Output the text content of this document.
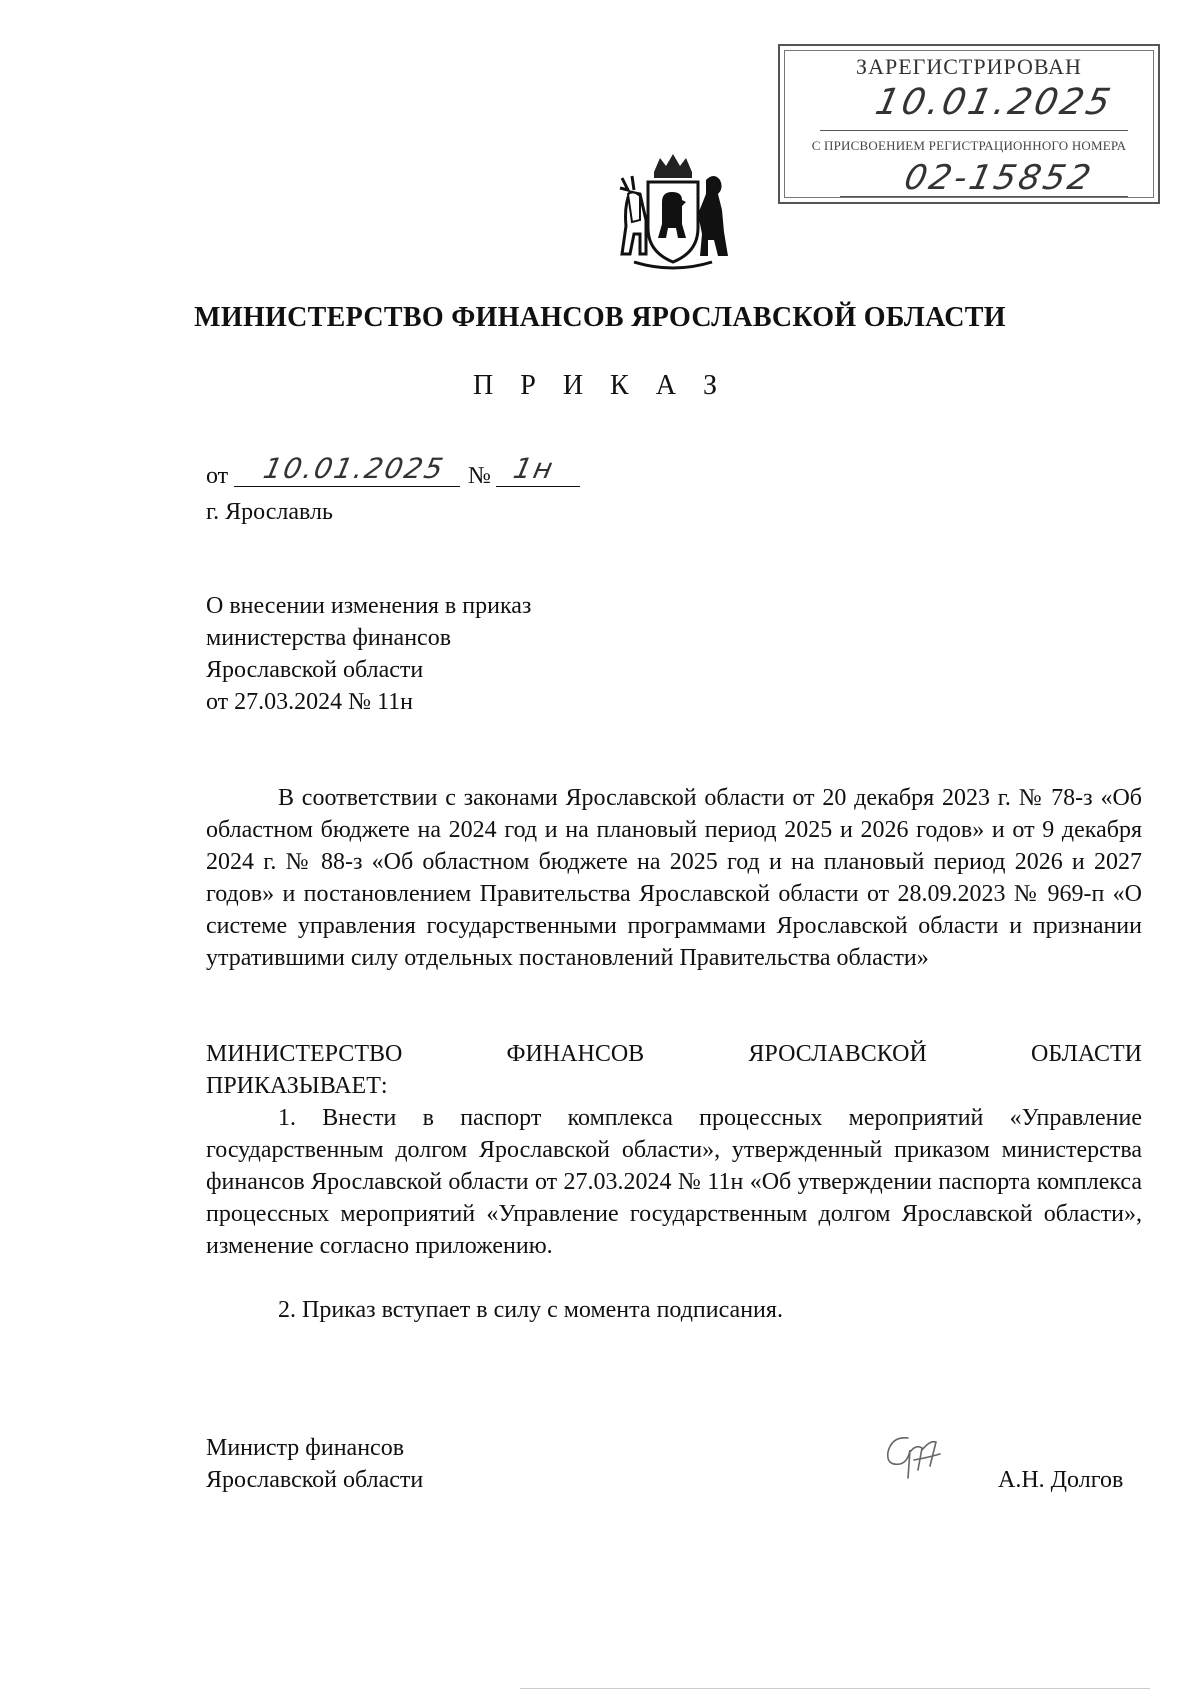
ЗАРЕГИСТРИРОВАН
10.01.2025
С ПРИСВОЕНИЕМ РЕГИСТРАЦИОННОГО НОМЕРА
02-15852
МИНИСТЕРСТВО ФИНАНСОВ ЯРОСЛАВСКОЙ ОБЛАСТИ
П Р И К А З
от 10.01.2025 № 1н
г. Ярославль
О внесении изменения в приказ
министерства финансов
Ярославской области
от 27.03.2024 № 11н
В соответствии с законами Ярославской области от 20 декабря 2023 г. № 78-з «Об областном бюджете на 2024 год и на плановый период 2025 и 2026 годов» и от 9 декабря 2024 г. № 88-з «Об областном бюджете на 2025 год и на плановый период 2026 и 2027 годов» и постановлением Правительства Ярославской области от 28.09.2023 № 969-п «О системе управления государственными программами Ярославской области и признании утратившими силу отдельных постановлений Правительства области»
МИНИСТЕРСТВО	ФИНАНСОВ	ЯРОСЛАВСКОЙ	ОБЛАСТИ
ПРИКАЗЫВАЕТ:
1. Внести в паспорт комплекса процессных мероприятий «Управление государственным долгом Ярославской области», утвержденный приказом министерства финансов Ярославской области от 27.03.2024 № 11н «Об утверждении паспорта комплекса процессных мероприятий «Управление государственным долгом Ярославской области», изменение согласно приложению.
2. Приказ вступает в силу с момента подписания.
Министр финансов
Ярославской области	А.Н. Долгов
